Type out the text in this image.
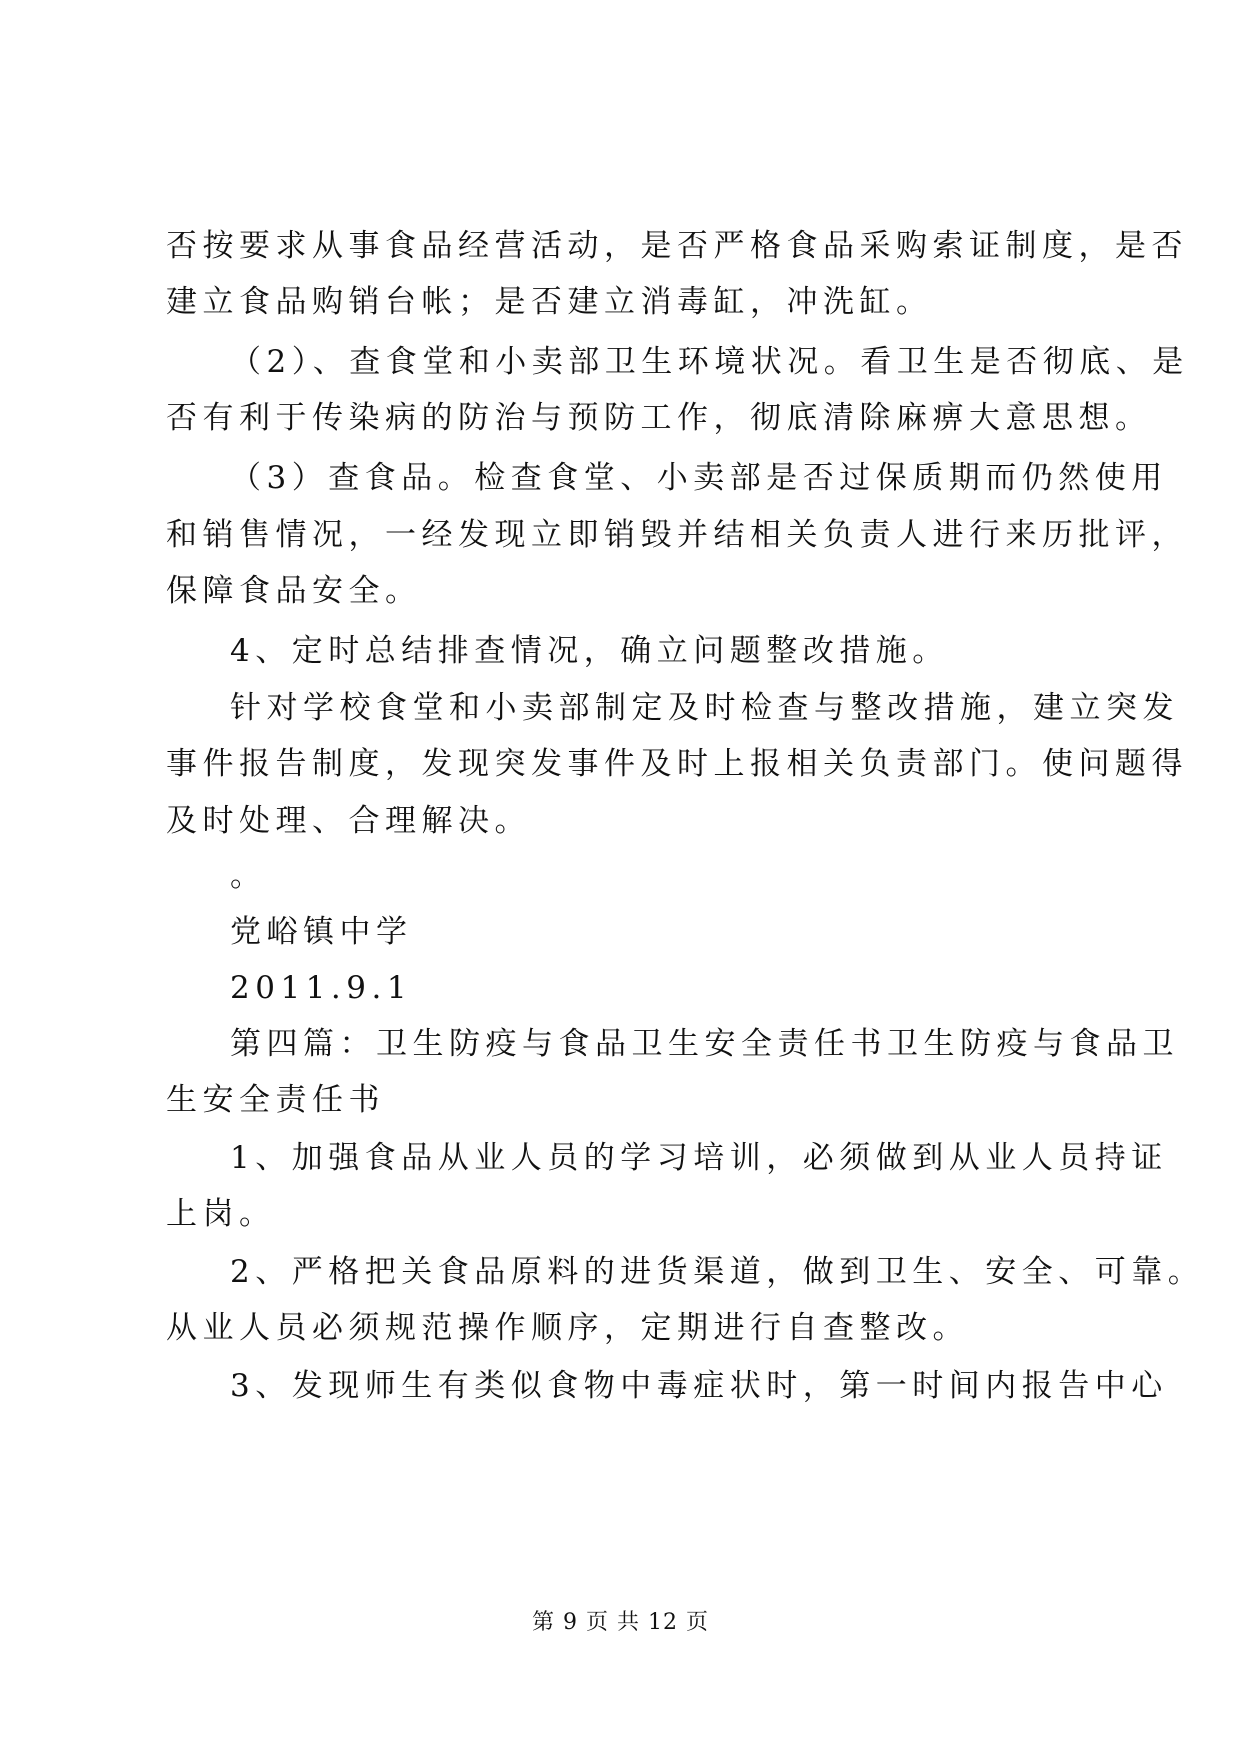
否按要求从事食品经营活动，是否严格食品采购索证制度，是否
建立食品购销台帐；是否建立消毒缸，冲洗缸。
（2）、查食堂和小卖部卫生环境状况。看卫生是否彻底、是
否有利于传染病的防治与预防工作，彻底清除麻痹大意思想。
（3）查食品。检查食堂、小卖部是否过保质期而仍然使用
和销售情况，一经发现立即销毁并结相关负责人进行来历批评，
保障食品安全。
4、定时总结排查情况，确立问题整改措施。
针对学校食堂和小卖部制定及时检查与整改措施，建立突发
事件报告制度，发现突发事件及时上报相关负责部门。使问题得
及时处理、合理解决。
。
党峪镇中学
2011.9.1
第四篇：卫生防疫与食品卫生安全责任书卫生防疫与食品卫
生安全责任书
1、加强食品从业人员的学习培训，必须做到从业人员持证
上岗。
2、严格把关食品原料的进货渠道，做到卫生、安全、可靠。
从业人员必须规范操作顺序，定期进行自查整改。
3、发现师生有类似食物中毒症状时，第一时间内报告中心
第 9 页 共 12 页
